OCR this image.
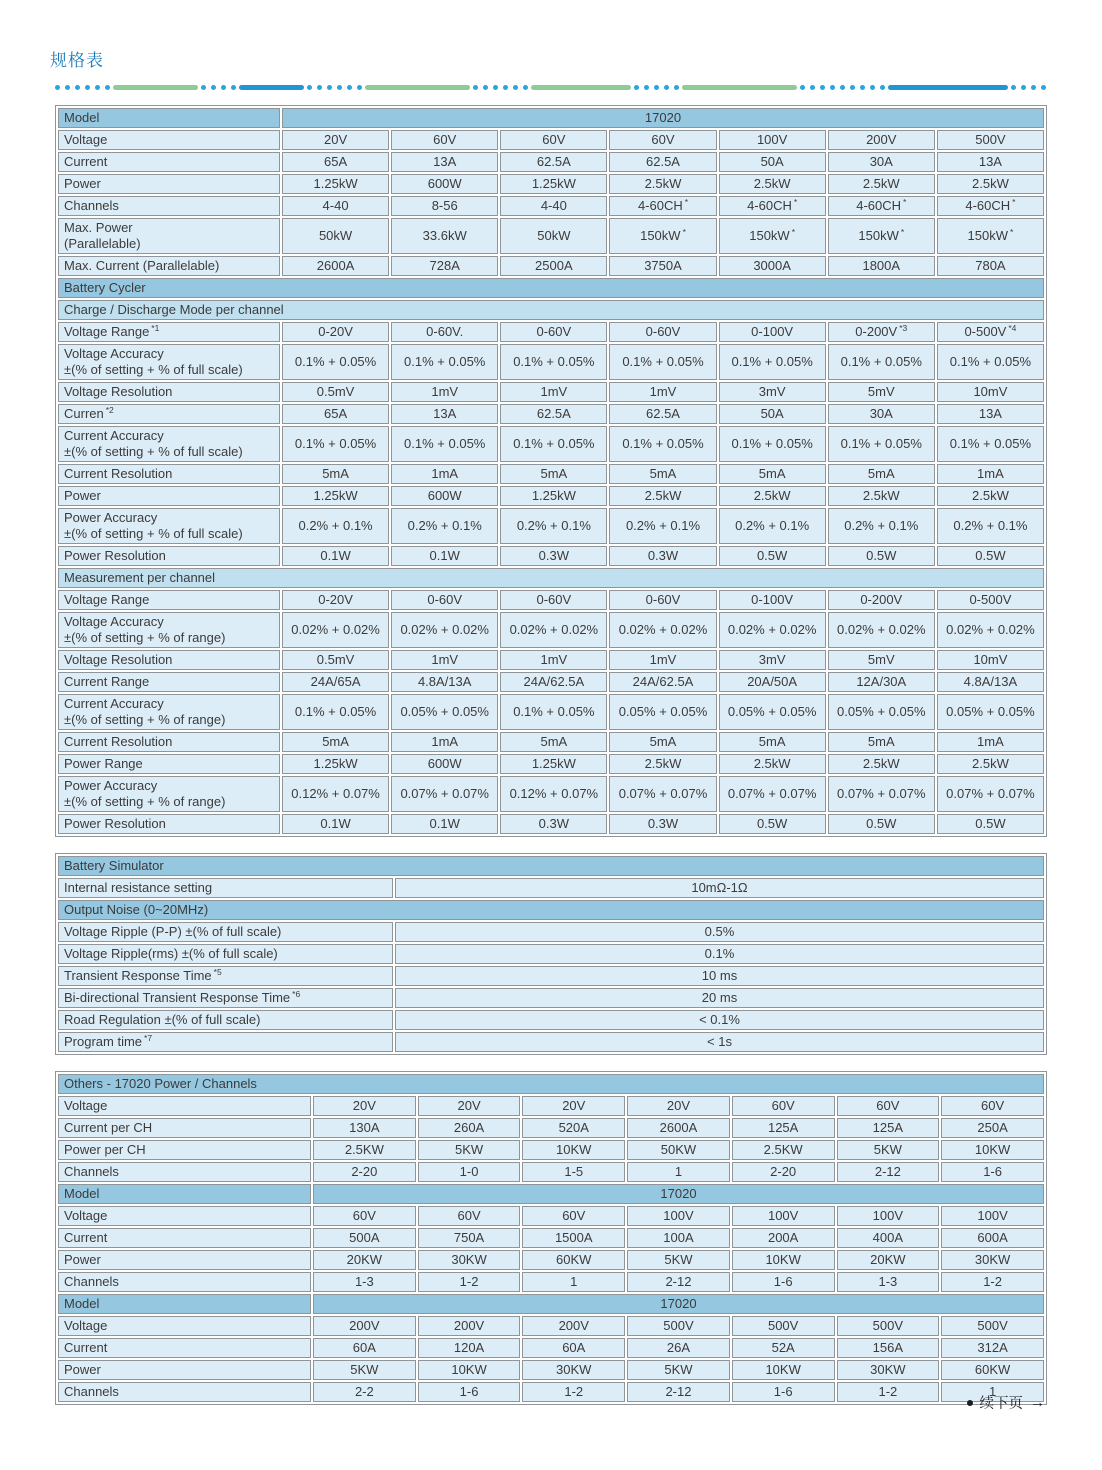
规格表
Model	17020						
Voltage	20V	60V	60V	60V	100V	200V	500V
Current	65A	13A	62.5A	62.5A	50A	30A	13A
Power	1.25kW	600W	1.25kW	2.5kW	2.5kW	2.5kW	2.5kW
Channels	4-40	8-56	4-40	4-60CH *	4-60CH *	4-60CH *	4-60CH *

Max. Power
(Parallelable)	50kW	33.6kW	50kW	150kW *	150kW *	150kW *	150kW *
Max. Current (Parallelable)	2600A	728A	2500A	3750A	3000A	1800A	780A
Battery Cycler							
Charge / Discharge Mode per channel							
Voltage Range $^{*1}$	0-20V	0-60V.	0-60V	0-60V	0-100V	0-200V $^{*3}$	0-500V $^{*4}$

Voltage Accuracy
±(% of setting + % of full scale)	0.1% + 0.05%	0.1% + 0.05%	0.1% + 0.05%	0.1% + 0.05%	0.1% + 0.05%	0.1% + 0.05%	0.1% + 0.05%
Voltage Resolution	0.5mV	1mV	1mV	1mV	3mV	5mV	10mV
Curren $^{*2}$	65A	13A	62.5A	62.5A	50A	30A	13A

Current Accuracy
±(% of setting + % of full scale)	0.1% + 0.05%	0.1% + 0.05%	0.1% + 0.05%	0.1% + 0.05%	0.1% + 0.05%	0.1% + 0.05%	0.1% + 0.05%
Current Resolution	5mA	1mA	5mA	5mA	5mA	5mA	1mA
Power	1.25kW	600W	1.25kW	2.5kW	2.5kW	2.5kW	2.5kW

Power Accuracy
±(% of setting + % of full scale)	0.2% + 0.1%	0.2% + 0.1%	0.2% + 0.1%	0.2% + 0.1%	0.2% + 0.1%	0.2% + 0.1%	0.2% + 0.1%
Power Resolution	0.1W	0.1W	0.3W	0.3W	0.5W	0.5W	0.5W
Measurement per channel							
Voltage Range	0-20V	0-60V	0-60V	0-60V	0-100V	0-200V	0-500V

Voltage Accuracy
±(% of setting + % of range)	0.02% + 0.02%	0.02% + 0.02%	0.02% + 0.02%	0.02% + 0.02%	0.02% + 0.02%	0.02% + 0.02%	0.02% + 0.02%
Voltage Resolution	0.5mV	1mV	1mV	1mV	3mV	5mV	10mV
Current Range	24A/65A	4.8A/13A	24A/62.5A	24A/62.5A	20A/50A	12A/30A	4.8A/13A

Current Accuracy
±(% of setting + % of range)	0.1% + 0.05%	0.05% + 0.05%	0.1% + 0.05%	0.05% + 0.05%	0.05% + 0.05%	0.05% + 0.05%	0.05% + 0.05%
Current Resolution	5mA	1mA	5mA	5mA	5mA	5mA	1mA
Power Range	1.25kW	600W	1.25kW	2.5kW	2.5kW	2.5kW	2.5kW

Power Accuracy
±(% of setting + % of range)	0.12% + 0.07%	0.07% + 0.07%	0.12% + 0.07%	0.07% + 0.07%	0.07% + 0.07%	0.07% + 0.07%	0.07% + 0.07%
Power Resolution	0.1W	0.1W	0.3W	0.3W	0.5W	0.5W	0.5W
Battery Simulator	
Internal resistance setting	10mΩ-1Ω
Output Noise (0~20MHz)	
Voltage Ripple (P-P) ±(% of full scale)	0.5%
Voltage Ripple(rms) ±(% of full scale)	0.1%
Transient Response Time $^{*5}$	10 ms
Bi-directional Transient Response Time $^{*6}$	20 ms
Road Regulation ±(% of full scale)	< 0.1%
Program time $^{*7}$	< 1s
Others - 17020 Power / Channels							
Voltage	20V	20V	20V	20V	60V	60V	60V
Current per CH	130A	260A	520A	2600A	125A	125A	250A
Power per CH	2.5KW	5KW	10KW	50KW	2.5KW	5KW	10KW
Channels	2-20	1-0	1-5	1	2-20	2-12	1-6
Model	17020						
Voltage	60V	60V	60V	100V	100V	100V	100V
Current	500A	750A	1500A	100A	200A	400A	600A
Power	20KW	30KW	60KW	5KW	10KW	20KW	30KW
Channels	1-3	1-2	1	2-12	1-6	1-3	1-2
Model	17020						
Voltage	200V	200V	200V	500V	500V	500V	500V
Current	60A	120A	60A	26A	52A	156A	312A
Power	5KW	10KW	30KW	5KW	10KW	30KW	60KW
Channels	2-2	1-6	1-2	2-12	1-6	1-2	1
续下页 →
